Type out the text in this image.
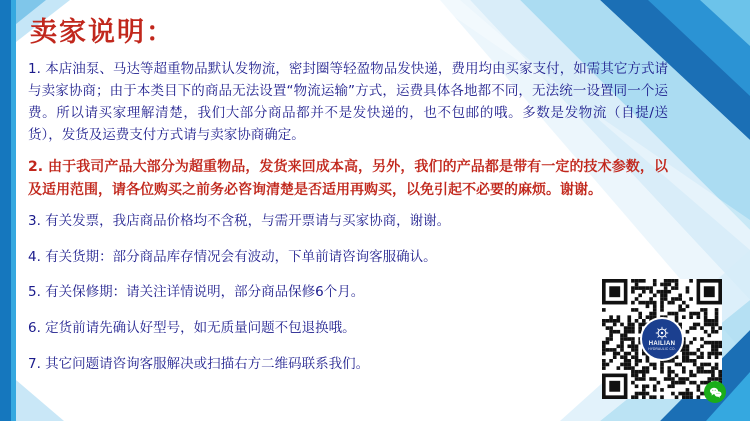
卖家说明：

1. 本店油泵、马达等超重物品默认发物流，密封圈等轻盈物品发快递，费用均由买家支付，如需其它方式请与卖家协商；由于本类目下的商品无法设置“物流运输”方式，运费具体各地都不同，无法统一设置同一个运费。所以请买家理解清楚，我们大部分商品都并不是发快递的，也不包邮的哦。多数是发物流（自提/送货），发货及运费支付方式请与卖家协商确定。

2. 由于我司产品大部分为超重物品，发货来回成本高，另外，我们的产品都是带有一定的技术参数，以及适用范围，请各位购买之前务必咨询清楚是否适用再购买，以免引起不必要的麻烦。谢谢。

3. 有关发票，我店商品价格均不含税，与需开票请与买家协商，谢谢。

4. 有关货期：部分商品库存情况会有波动，下单前请咨询客服确认。

5. 有关保修期：请关注详情说明，部分商品保修6个月。

6. 定货前请先确认好型号，如无质量问题不包退换哦。

7. 其它问题请咨询客服解决或扫描右方二维码联系我们。

HAILIAN
HYDRAULIC CO.
